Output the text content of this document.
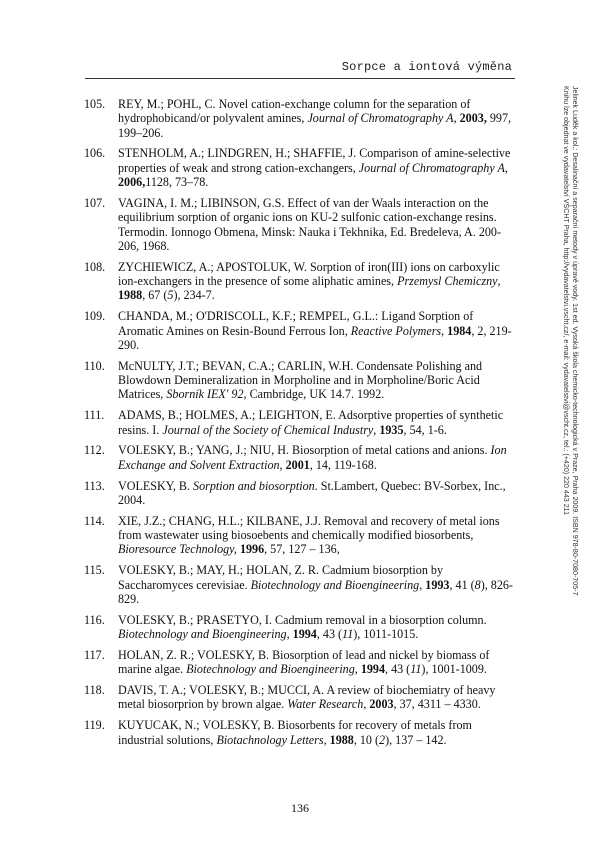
Sorpce a iontová výměna
Jelinek Luděk a kol.: Desalinační a separační metody v úpravě vody. 1st ed. Vysoká škola chemicko-technologická v Praze, Praha 2009. ISBN 978-80-7080-705-7
Knihu lze objednat ve vydavatelství VŠCHT Praha, http://vydavatelstvi.vscht.cz/, e-mail: vydavatelstvi@vscht.cz, tel.: (+420) 220 443 211
105. REY, M.; POHL, C. Novel cation-exchange column for the separation of hydrophobicand/or polyvalent amines, Journal of Chromatography A, 2003, 997, 199–206.
106. STENHOLM, A.; LINDGREN, H.; SHAFFIE, J. Comparison of amine-selective properties of weak and strong cation-exchangers, Journal of Chromatography A, 2006,1128, 73–78.
107. VAGINA, I. M.; LIBINSON, G.S. Effect of van der Waals interaction on the equilibrium sorption of organic ions on KU-2 sulfonic cation-exchange resins. Termodin. Ionnogo Obmena, Minsk: Nauka i Tekhnika, Ed. Bredeleva, A. 200-206, 1968.
108. ZYCHIEWICZ, A.; APOSTOLUK, W. Sorption of iron(III) ions on carboxylic ion-exchangers in the presence of some aliphatic amines, Przemysl Chemiczny, 1988, 67 (5), 234-7.
109. CHANDA, M.; O'DRISCOLL, K.F.; REMPEL, G.L.: Ligand Sorption of Aromatic Amines on Resin-Bound Ferrous Ion, Reactive Polymers, 1984, 2, 219-290.
110. McNULTY, J.T.; BEVAN, C.A.; CARLIN, W.H. Condensate Polishing and Blowdown Demineralization in Morpholine and in Morpholine/Boric Acid Matrices, Sborník IEX' 92, Cambridge, UK 14.7. 1992.
111. ADAMS, B.; HOLMES, A.; LEIGHTON, E. Adsorptive properties of synthetic resins. I. Journal of the Society of Chemical Industry, 1935, 54, 1-6.
112. VOLESKY, B.; YANG, J.; NIU, H. Biosorption of metal cations and anions. Ion Exchange and Solvent Extraction, 2001, 14, 119-168.
113. VOLESKY, B. Sorption and biosorption. St.Lambert, Quebec: BV-Sorbex, Inc., 2004.
114. XIE, J.Z.; CHANG, H.L.; KILBANE, J.J. Removal and recovery of metal ions from wastewater using biosoebents and chemically modified biosorbents, Bioresource Technology, 1996, 57, 127 – 136,
115. VOLESKY, B.; MAY, H.; HOLAN, Z. R. Cadmium biosorption by Saccharomyces cerevisiae. Biotechnology and Bioengineering, 1993, 41 (8), 826-829.
116. VOLESKY, B.; PRASETYO, I. Cadmium removal in a biosorption column. Biotechnology and Bioengineering, 1994, 43 (11), 1011-1015.
117. HOLAN, Z. R.; VOLESKY, B. Biosorption of lead and nickel by biomass of marine algae. Biotechnology and Bioengineering, 1994, 43 (11), 1001-1009.
118. DAVIS, T. A.; VOLESKY, B.; MUCCI, A. A review of biochemiatry of heavy metal biosorprion by brown algae. Water Research, 2003, 37, 4311 – 4330.
119. KUYUCAK, N.; VOLESKY, B. Biosorbents for recovery of metals from industrial solutions, Biotachnology Letters, 1988, 10 (2), 137 – 142.
136
